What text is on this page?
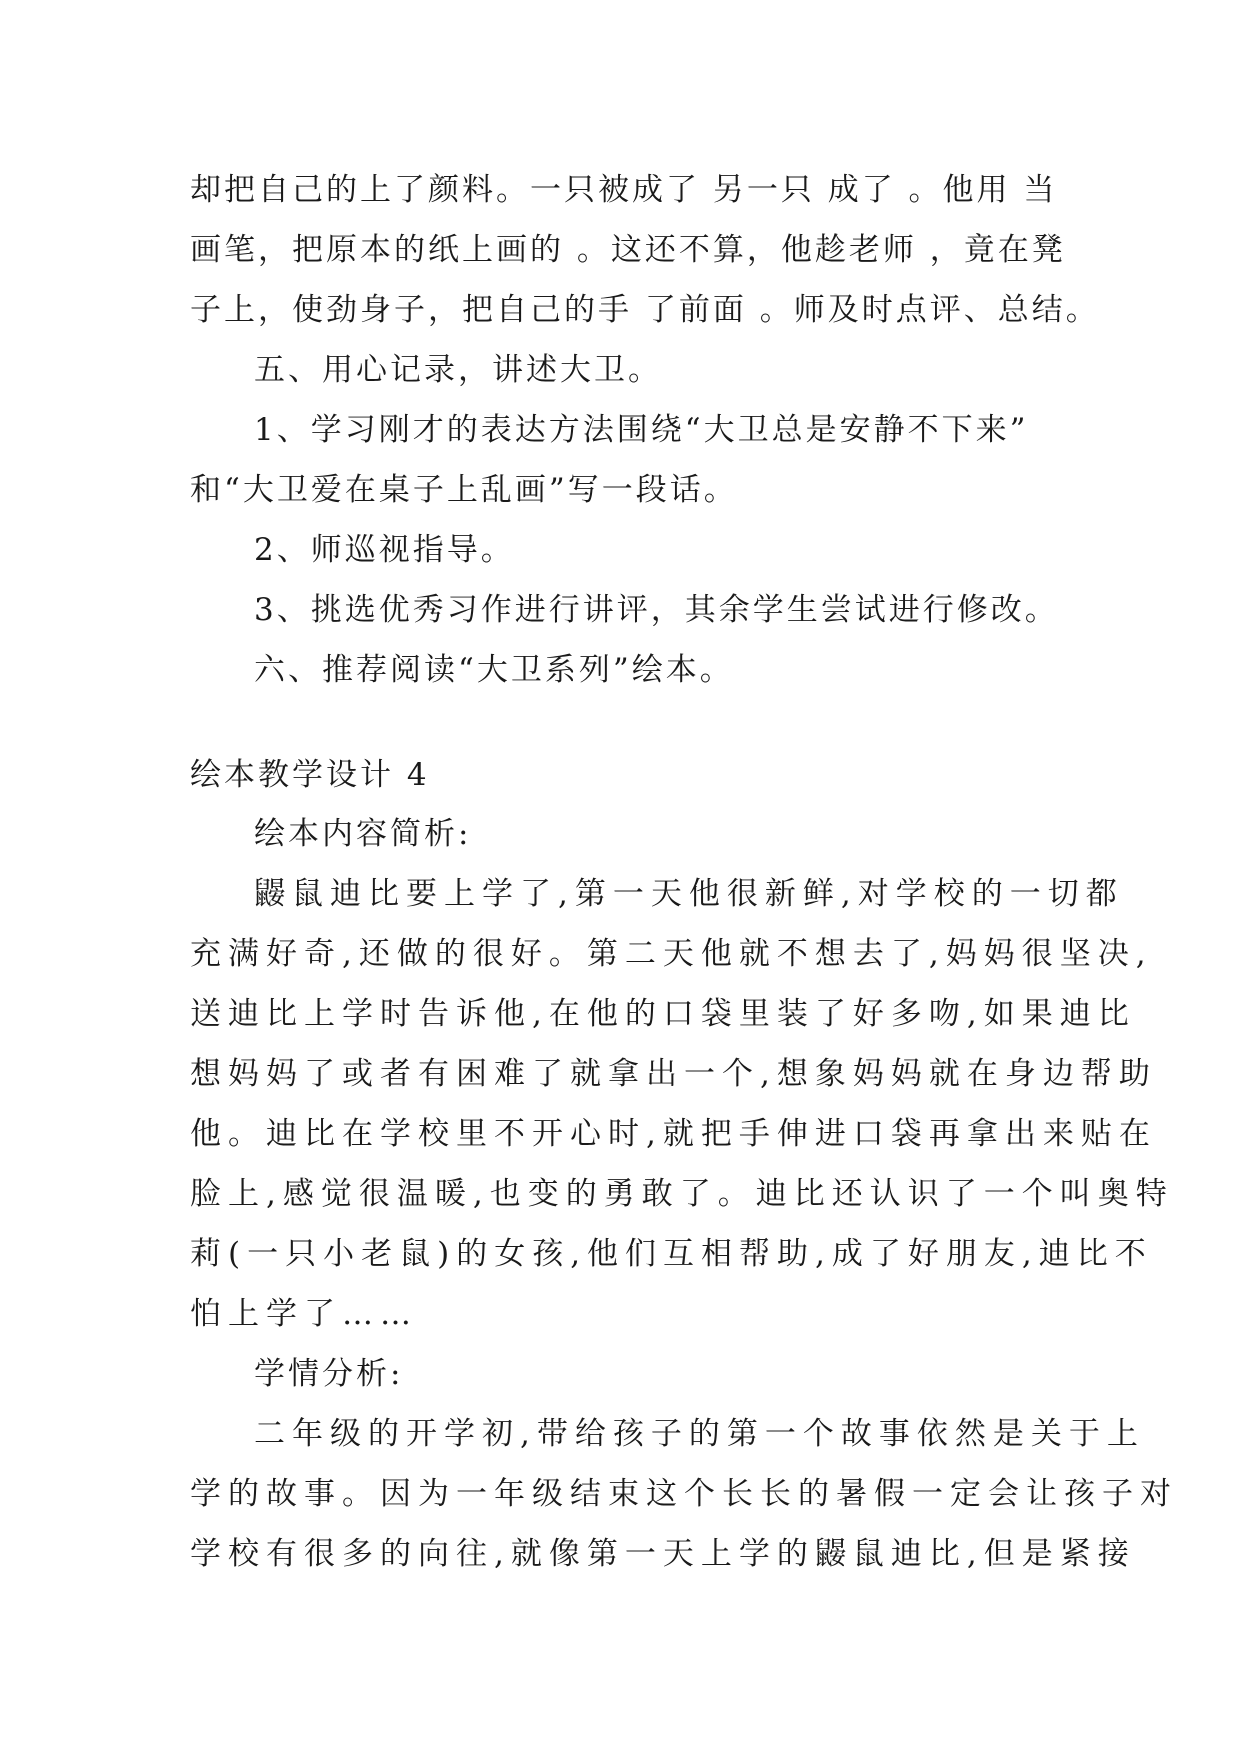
却把自己的上了颜料。一只被成了 另一只 成了 。他用 当
画笔，把原本的纸上画的 。这还不算，他趁老师 ，竟在凳
子上，使劲身子，把自己的手 了前面 。师及时点评、总结。
五、用心记录，讲述大卫。
1、学习刚才的表达方法围绕“大卫总是安静不下来”
和“大卫爱在桌子上乱画”写一段话。
2、师巡视指导。
3、挑选优秀习作进行讲评，其余学生尝试进行修改。
六、推荐阅读“大卫系列”绘本。
绘本教学设计 4
绘本内容简析:
鼹鼠迪比要上学了,第一天他很新鲜,对学校的一切都
充满好奇,还做的很好。第二天他就不想去了,妈妈很坚决,
送迪比上学时告诉他,在他的口袋里装了好多吻,如果迪比
想妈妈了或者有困难了就拿出一个,想象妈妈就在身边帮助
他。迪比在学校里不开心时,就把手伸进口袋再拿出来贴在
脸上,感觉很温暖,也变的勇敢了。迪比还认识了一个叫奥特
莉(一只小老鼠)的女孩,他们互相帮助,成了好朋友,迪比不
怕上学了……
学情分析:
二年级的开学初,带给孩子的第一个故事依然是关于上
学的故事。因为一年级结束这个长长的暑假一定会让孩子对
学校有很多的向往,就像第一天上学的鼹鼠迪比,但是紧接
